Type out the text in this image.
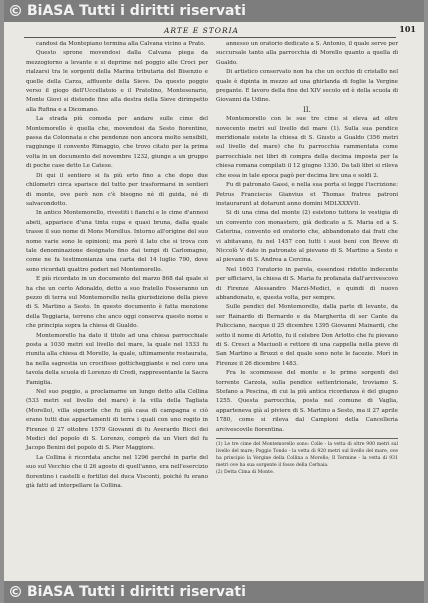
© BiASA Tutti i diritti riservati
ARTE E STORIA	101

candosi da Montepiano termina alla Calvana vicino a Prato.

Questo sprone movendosi dalla Calvana piega da mezzogiorno a levante e si deprime nel poggio alle Croci per rialzarsi tra le sorgenti della Marina tributaria del Bisenzio e quelle della Carza, affluente della Sieve. Da questo poggio verso il giogo dell'Uccellatoio e il Pratolino, Montesenario, Monte Giovi si distende fino alla destra della Sieve dirimpetto alla Rufina e a Dicomano.

La strada più comoda per andare sulle cime del Montemorello è quella che, movendosi da Sesto fiorentino, passa da Colonnata e che pendenze non ancora molto sensibili, raggiunge il convento Rimaggio, che trovo citato per la prima volta in un documento del novembre 1232, giunge a un gruppo di poche case detto Le Catese.

Di qui il sentiero si fa più erto fino a che dopo due chilometri circa sparisce del tutto per trasformarsi in sentieri di monte, ove però non c'è bisogno né di guida, né di salvacondotto.

In antico Montemorello, rivestiti i fianchi e le cime d'annosi abeti, apparisce d'una tinta cupa e quasi bruna, dalla quale trasse il suo nome di Mons Morellus. Intorno all'origine del suo nome varie sono le opinioni; ma però il lato che si trova con tale denominazione designato fino dai tempi di Carlomagno, come ne fa testimonianza una carta del 14 luglio 790, dove sono ricordati quattro poderi nel Montemorello.

E più ricordato in un documento del marzo 868 dal quale si ha che un certo Adonaldo, detto a suo fratello Fosseranno un pezzo di terra sul Montemorello nella giurisdizione della pieve di S. Martino a Sesto. In questo documento è fatta menzione della Teggiaria, terreno che anco oggi conserva questo nome e che principia sopra la chiesa di Gualdo.

Montemorello ha dato il titolo ad una chiesa parrocchiale posta a 1030 metri sul livello del mare, la quale nel 1533 fu riunita alla chiesa di Morello, la quale, ultimamente restaurata, ha nella sagrestia un crocifisso gotticheggiante e nel coro una tavola della scuola di Lorenzo di Credi, rappresentante la Sacra Famiglia.

Nel suo poggio, a proclamarne un lungo detto alla Collina (533 metri sul livello del mare) è la villa della Tagliata (Morello), villa signorile che fu già casa di campagna e ciò erano tutti due appartamenti di terra i quali con uno rogito in Firenze il 27 ottobre 1579 Giovanni di fu Averardo Bicci dei Medici del popolo di S. Lorenzo, comprò da un Vieri del fu Jacopo Benini del popolo di S. Pier Maggiore.

La Collina è ricordata anche nel 1296 perché in parte del suo sul Vecchio che il 26 agosto di quell'anno, era nell'esercizio fiorentino i castelli e fortilizi del duca Visconti, poiché fu erano già fatti ad interpellare la Collina.

annesso un oratorio dedicato a S. Antonio, il quale serve per succursale tanto alla parrocchia di Morello quanto a quella di Gualdo.

Di artistico conservato non ha che un occhio di cristallo nel quale è dipinta in mezzo ad una ghirlanda di foglie la Vergine pregante. E lavoro della fine del XIV secolo ed è della scuola di Giovanni da Udine.

II.

Montemorello con le sue tre cime si eleva ad oltre novecento metri sul livello del mare (1). Sulla sua pendice meridionale esiste la chiesa di S. Giusto a Gualdo (356 metri sul livello del mare) che fu parrocchia rammentata come parrocchiale nei libri di compra della decima imposta per la chiesa romana compilati il 12 giugno 1330. Da tali libri si rileva che essa in tale epoca pagò per decima lire una e soldi 2.

Fu di patronato Gassi, e nella sua porta si legge l'iscrizione: Petrus Franciscus Gianvius et Thomas fratres patroni instaurarunt at dotarunt anno domini MDLXXXVII.

Si di una cima del monte (2) esistono tuttora le vestigia di un convento con monastero, già dedicato a S. Maria ed a S. Caterina, convento ed oratorio che, abbandonato dai frati che vi abitavano, fu nel 1457 con tutti i suoi beni con Breve di Niccolò V dato in patronato al pievano di S. Martino a Sesto e al pievano di S. Andrea a Cercina.

Nel 1603 l'oratorio in parola, essendosi ridotto indecente per ufficiarvi, la chiesa di S. Maria fu profanata dall'arcivescovo di Firenze Alessandro Marzi-Medici, e quindi di nuovo abbandonato, e, questa volta, per sempre.

Sulle pendici del Montemorello, dalla parte di levante, da ser Rainardo di Bernardo e da Margherita di ser Cante da Pulicciano, nacque il 25 dicembre 1395 Giovanni Mainardi, che sotto il nome di Arlotto, fu il celebre Don Arlotto che fu pievano di S. Cresci a Maciuoli e rettore di una cappella nella pieve di San Martino a Brozzi e del quale sono note le facezie. Morì in Firenze il 26 dicembre 1483.

Fra le scommesse del monte e le prime sorgenti del torrente Carzola, sulla pendice settentrionale, troviamo S. Stefano a Pescina, di cui la più antica ricordanza è del giugno 1255. Questa parrocchia, posta nel comune di Vaglia, apparteneva già al piviere di S. Martino a Sesto, ma il 27 aprile 1780, come si rileva dal Campioni della Cancelleria arcivescovile fiorentina.

(1) Le tre cime del Montemorello sono: Colle - la vetta di oltre 900 metri sul livello del mare; Poggio Tondo - la vetta di 920 metri sul livello del mare, ove ha principio la Vergine della Collina a Morello; Il Termine - la vetta di 931 metri ove ha sua sorgente il fosso della Cerbaia.

(2) Detta Cima di Monte.

© BiASA Tutti i diritti riservati
